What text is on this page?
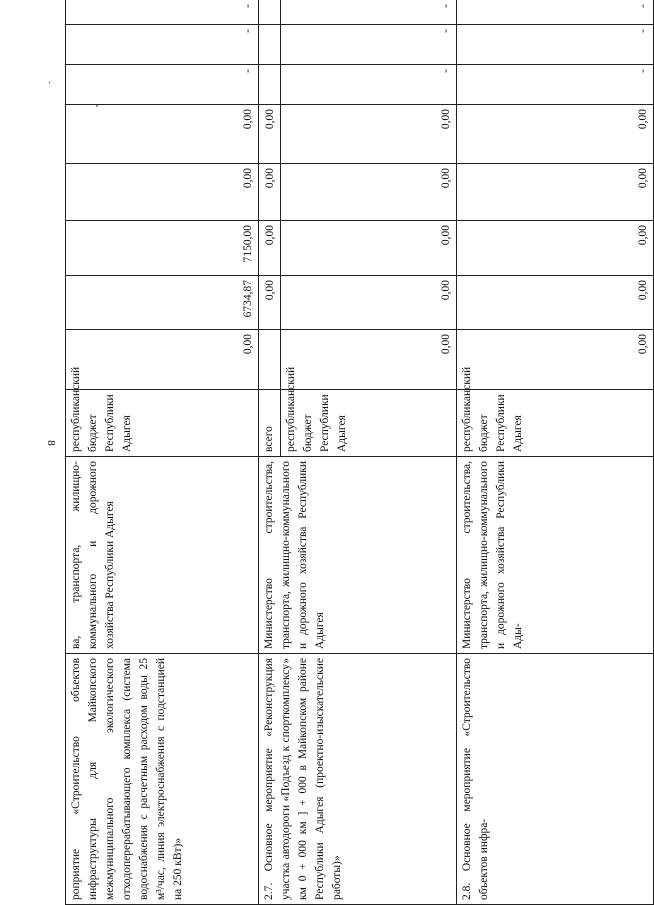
-
8
роприятие «Строительство объектов инфраструктуры для Майкопского межмуниципального экологического отходоперерабатывающего комплекса (система водоснабжения с расчетным расходом воды 25 м³/час, линия электроснабжения с подстанцией на 250 кВт)»	ва, транспорта, жилищно-коммунального и дорожного хозяйства Республики Адыгея	республиканский бюджет Республики Адыгея	0,00	6734,87	7150,00	0,00	0,00	-	-	-
2.7. Основное мероприятие «Реконструкция участка автодороги «Подъезд к спорткомплексу» км 0 + 000 км ] + 000 в Майкопском районе Республики Адыгея (проектно-изыскательские работы)»	Министерство строительства, транспорта, жилищно-коммунального и дорожного хозяйства Республики Адыгея	всего		0,00	0,00	0,00	0,00			
		республиканский бюджет Республики Адыгея	0,00	0,00	0,00	0,00	0,00	-	-	-
2.8. Основное мероприятие «Строительство объектов инфра-	Министерство строительства, транспорта, жилищно-коммунального и дорожного хозяйства Республики Ады-	республиканский бюджет Республики Адыгея	0,00	0,00	0,00	0,00	0,00	-	-	-
